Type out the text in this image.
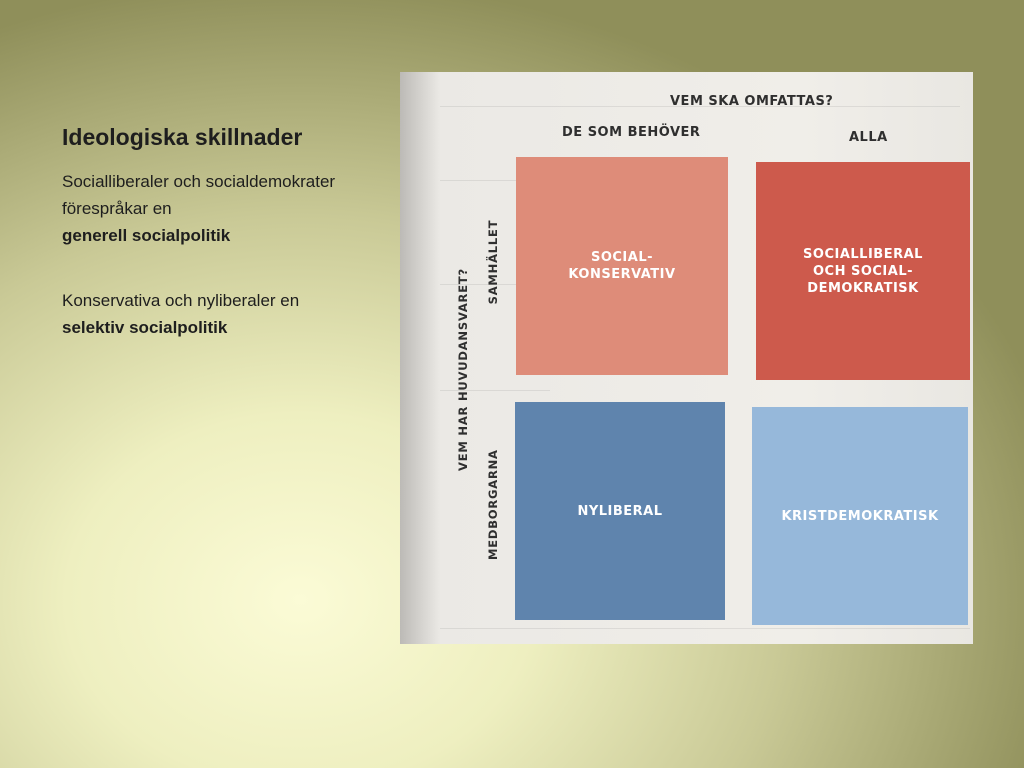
Ideologiska skillnader

Socialliberaler och socialdemokrater förespråkar en
generell socialpolitik

Konservativa och nyliberaler en
selektiv socialpolitik

VEM SKA OMFATTAS?
DE SOM BEHÖVER	ALLA
VEM HAR HUVUDANSVARET?
SAMHÄLLET
MEDBORGARNA
SOCIAL-
KONSERVATIV
SOCIALLIBERAL
OCH SOCIAL-
DEMOKRATISK
NYLIBERAL	KRISTDEMOKRATISK
